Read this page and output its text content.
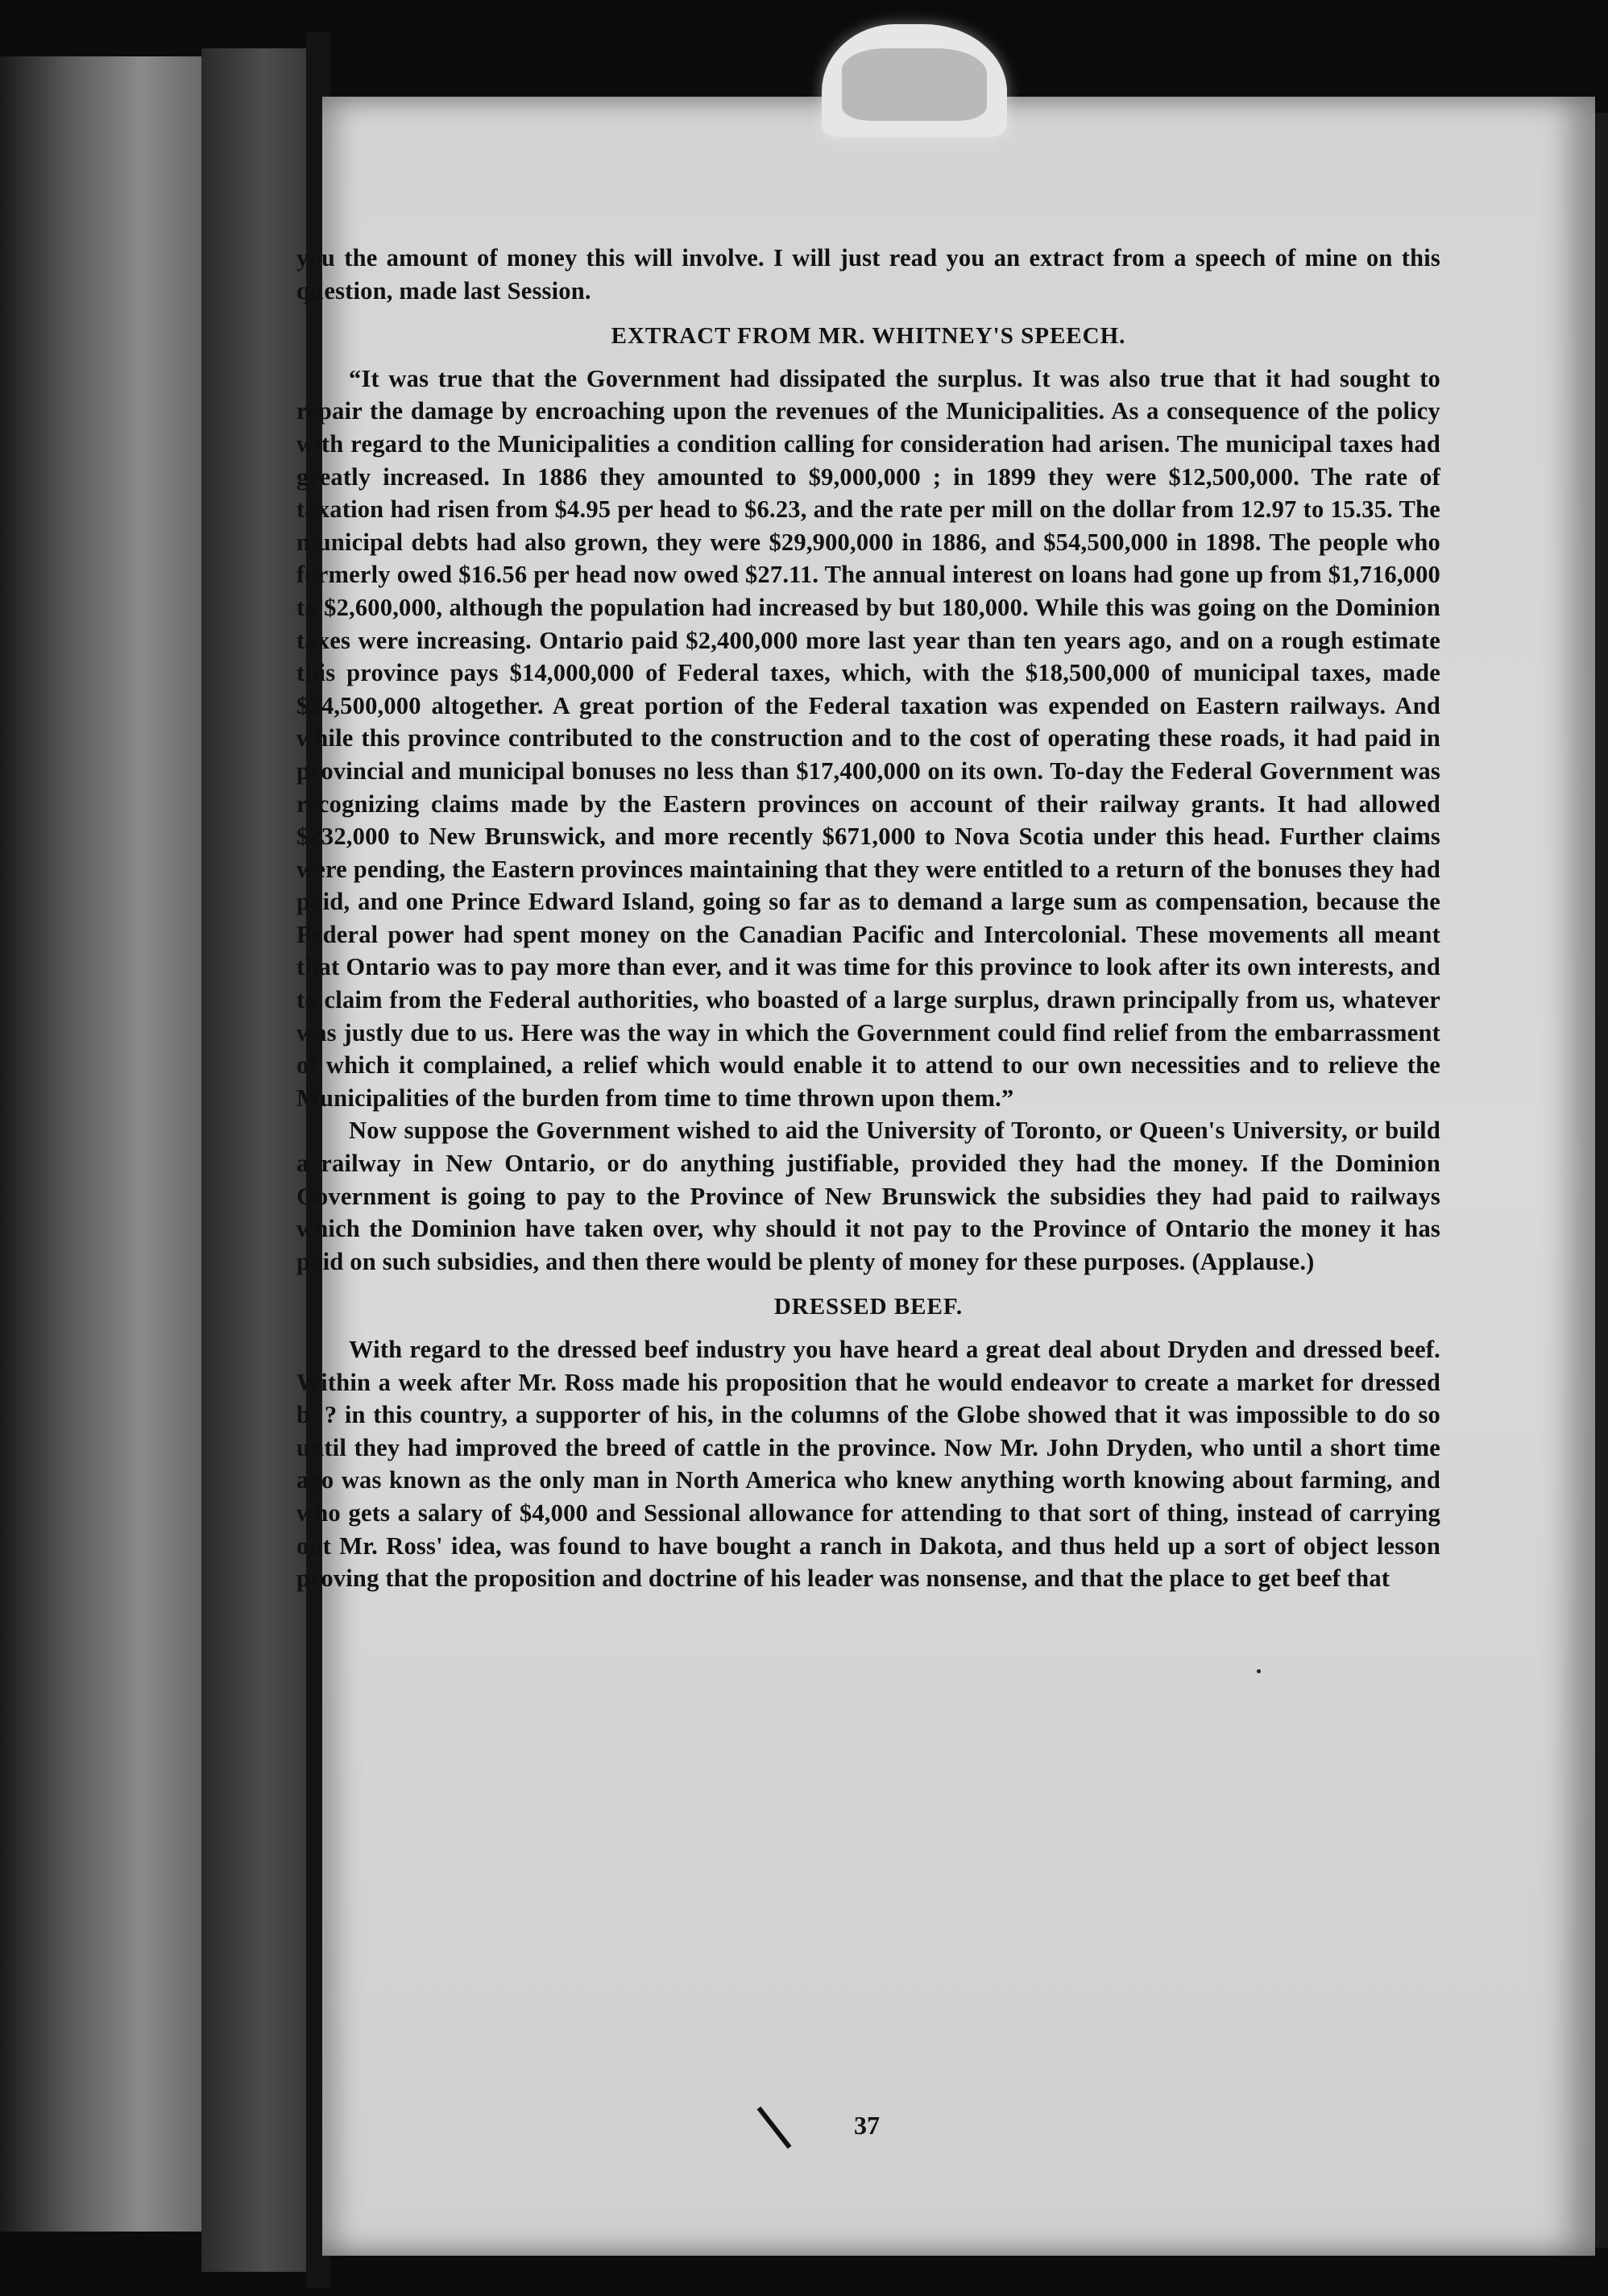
you the amount of money this will involve. I will just read you an extract from a speech of mine on this question, made last Session.

EXTRACT FROM MR. WHITNEY'S SPEECH.

“It was true that the Government had dissipated the surplus. It was also true that it had sought to repair the damage by encroaching upon the revenues of the Municipalities. As a consequence of the policy with regard to the Municipalities a condition calling for consideration had arisen. The municipal taxes had greatly increased. In 1886 they amounted to $9,000,000 ; in 1899 they were $12,500,000. The rate of taxation had risen from $4.95 per head to $6.23, and the rate per mill on the dollar from 12.97 to 15.35. The municipal debts had also grown, they were $29,900,000 in 1886, and $54,500,000 in 1898. The people who formerly owed $16.56 per head now owed $27.11. The annual interest on loans had gone up from $1,716,000 to $2,600,000, although the population had increased by but 180,000. While this was going on the Dominion taxes were increasing. Ontario paid $2,400,000 more last year than ten years ago, and on a rough estimate this province pays $14,000,000 of Federal taxes, which, with the $18,500,000 of municipal taxes, made $24,500,000 altogether. A great portion of the Federal taxation was expended on Eastern railways. And while this province contributed to the construction and to the cost of operating these roads, it had paid in provincial and municipal bonuses no less than $17,400,000 on its own. To-day the Federal Government was recognizing claims made by the Eastern provinces on account of their railway grants. It had allowed $232,000 to New Brunswick, and more recently $671,000 to Nova Scotia under this head. Further claims were pending, the Eastern provinces maintaining that they were entitled to a return of the bonuses they had paid, and one Prince Edward Island, going so far as to demand a large sum as compensation, because the Federal power had spent money on the Canadian Pacific and Intercolonial. These movements all meant that Ontario was to pay more than ever, and it was time for this province to look after its own interests, and to claim from the Federal authorities, who boasted of a large surplus, drawn principally from us, whatever was justly due to us. Here was the way in which the Government could find relief from the embarrassment of which it complained, a relief which would enable it to attend to our own necessities and to relieve the Municipalities of the burden from time to time thrown upon them.”

Now suppose the Government wished to aid the University of Toronto, or Queen's University, or build a railway in New Ontario, or do anything justifiable, provided they had the money. If the Dominion Government is going to pay to the Province of New Brunswick the subsidies they had paid to railways which the Dominion have taken over, why should it not pay to the Province of Ontario the money it has paid on such subsidies, and then there would be plenty of money for these purposes. (Applause.)

DRESSED BEEF.

With regard to the dressed beef industry you have heard a great deal about Dryden and dressed beef. Within a week after Mr. Ross made his proposition that he would endeavor to create a market for dressed b’ ? in this country, a supporter of his, in the columns of the Globe showed that it was impossible to do so until they had improved the breed of cattle in the province. Now Mr. John Dryden, who until a short time ago was known as the only man in North America who knew anything worth knowing about farming, and who gets a salary of $4,000 and Sessional allowance for attending to that sort of thing, instead of carrying out Mr. Ross' idea, was found to have bought a ranch in Dakota, and thus held up a sort of object lesson proving that the proposition and doctrine of his leader was nonsense, and that the place to get beef that

37
